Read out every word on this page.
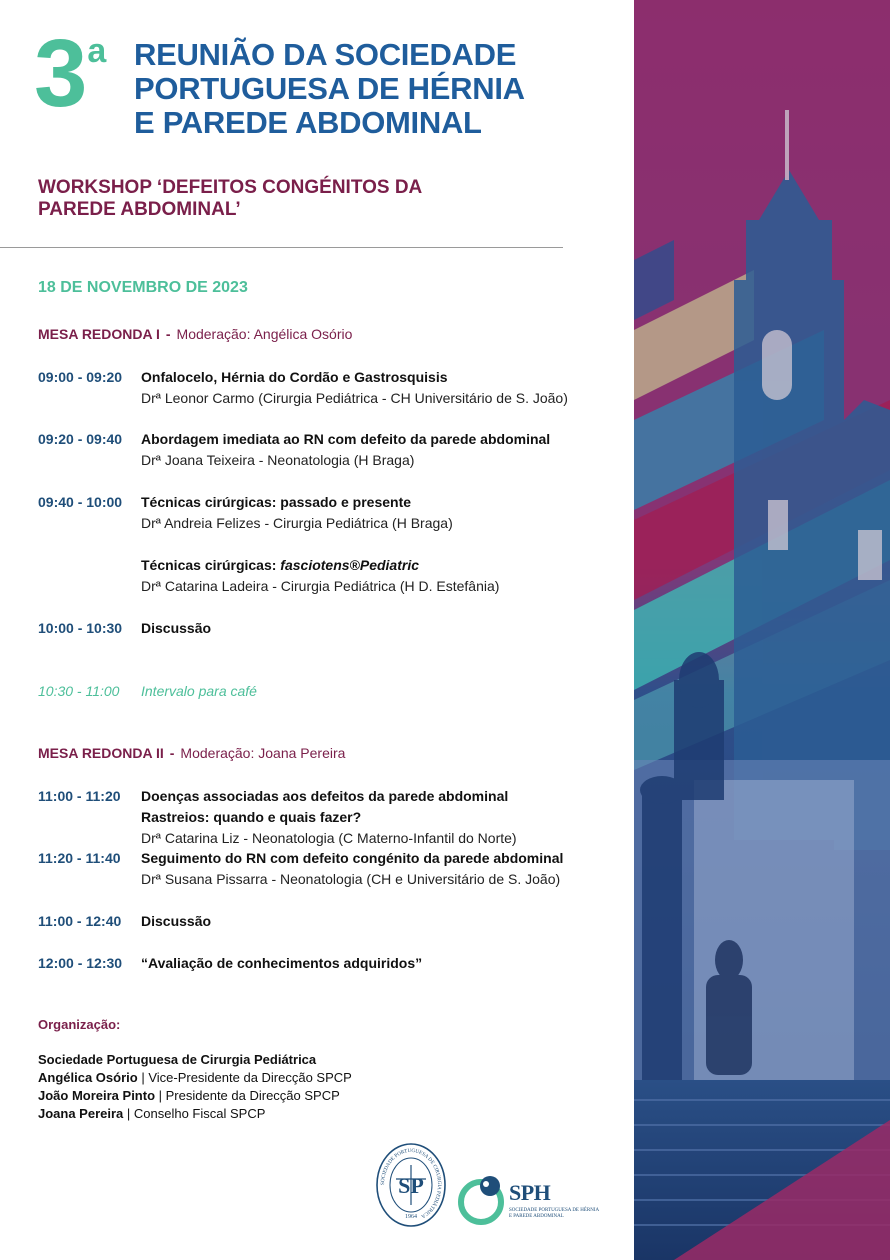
3$^a$ REUNIÃO DA SOCIEDADE
PORTUGUESA DE HÉRNIA
E PAREDE ABDOMINAL
WORKSHOP ‘DEFEITOS CONGÉNITOS DA
PAREDE ABDOMINAL’
18 DE NOVEMBRO DE 2023
MESA REDONDA I - Moderação: Angélica Osório
09:00 - 09:20	Onfalocelo, Hérnia do Cordão e Gastrosquisis
Drª Leonor Carmo (Cirurgia Pediátrica - CH Universitário de S. João)
09:20 - 09:40	Abordagem imediata ao RN com defeito da parede abdominal
Drª Joana Teixeira - Neonatologia (H Braga)
09:40 - 10:00	Técnicas cirúrgicas: passado e presente
Drª Andreia Felizes - Cirurgia Pediátrica (H Braga)
Técnicas cirúrgicas: fasciotens®Pediatric
Drª Catarina Ladeira - Cirurgia Pediátrica (H D. Estefânia)
10:00 - 10:30	Discussão
10:30 - 11:00	Intervalo para café
MESA REDONDA II - Moderação: Joana Pereira
11:00 - 11:20	Doenças associadas aos defeitos da parede abdominal
Rastreios: quando e quais fazer?
Drª Catarina Liz - Neonatologia (C Materno-Infantil do Norte)
11:20 - 11:40	Seguimento do RN com defeito congénito da parede abdominal
Drª Susana Pissarra - Neonatologia (CH e Universitário de S. João)
11:00 - 12:40	Discussão
12:00 - 12:30	“Avaliação de conhecimentos adquiridos”
Organização:
Sociedade Portuguesa de Cirurgia Pediátrica
Angélica Osório | Vice-Presidente da Direcção SPCP
João Moreira Pinto | Presidente da Direcção SPCP
Joana Pereira | Conselho Fiscal SPCP
SOCIEDADE PORTUGUESA DE CIRURGIA PEDIÁTRICA
SP
1964
SPH
SOCIEDADE PORTUGUESA DE HÉRNIA
E PAREDE ABDOMINAL
